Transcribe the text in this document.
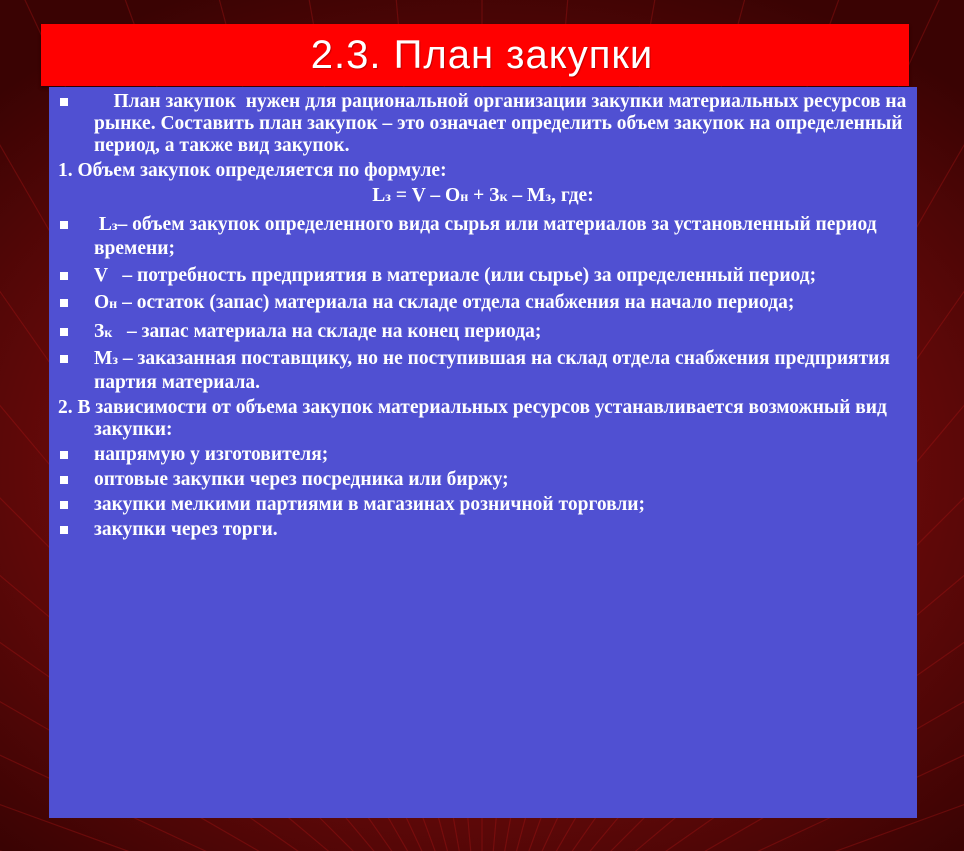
2.3. План закупки
План закупок  нужен для рациональной организации закупки материальных ресурсов на рынке. Составить план закупок – это означает определить объем закупок на определенный период, а также вид закупок.
1. Объем закупок определяется по формуле:
Lз = V – Он + Зк – Мз, где:
Lз– объем закупок определенного вида сырья или материалов за установленный период времени;
V   – потребность предприятия в материале (или сырье) за определенный период;
Он – остаток (запас) материала на складе отдела снабжения на начало периода;
Зк   – запас материала на складе на конец периода;
Мз – заказанная поставщику, но не поступившая на склад отдела снабжения предприятия партия материала.
2. В зависимости от объема закупок материальных ресурсов устанавливается возможный вид закупки:
напрямую у изготовителя;
оптовые закупки через посредника или биржу;
закупки мелкими партиями в магазинах розничной торговли;
закупки через торги.
